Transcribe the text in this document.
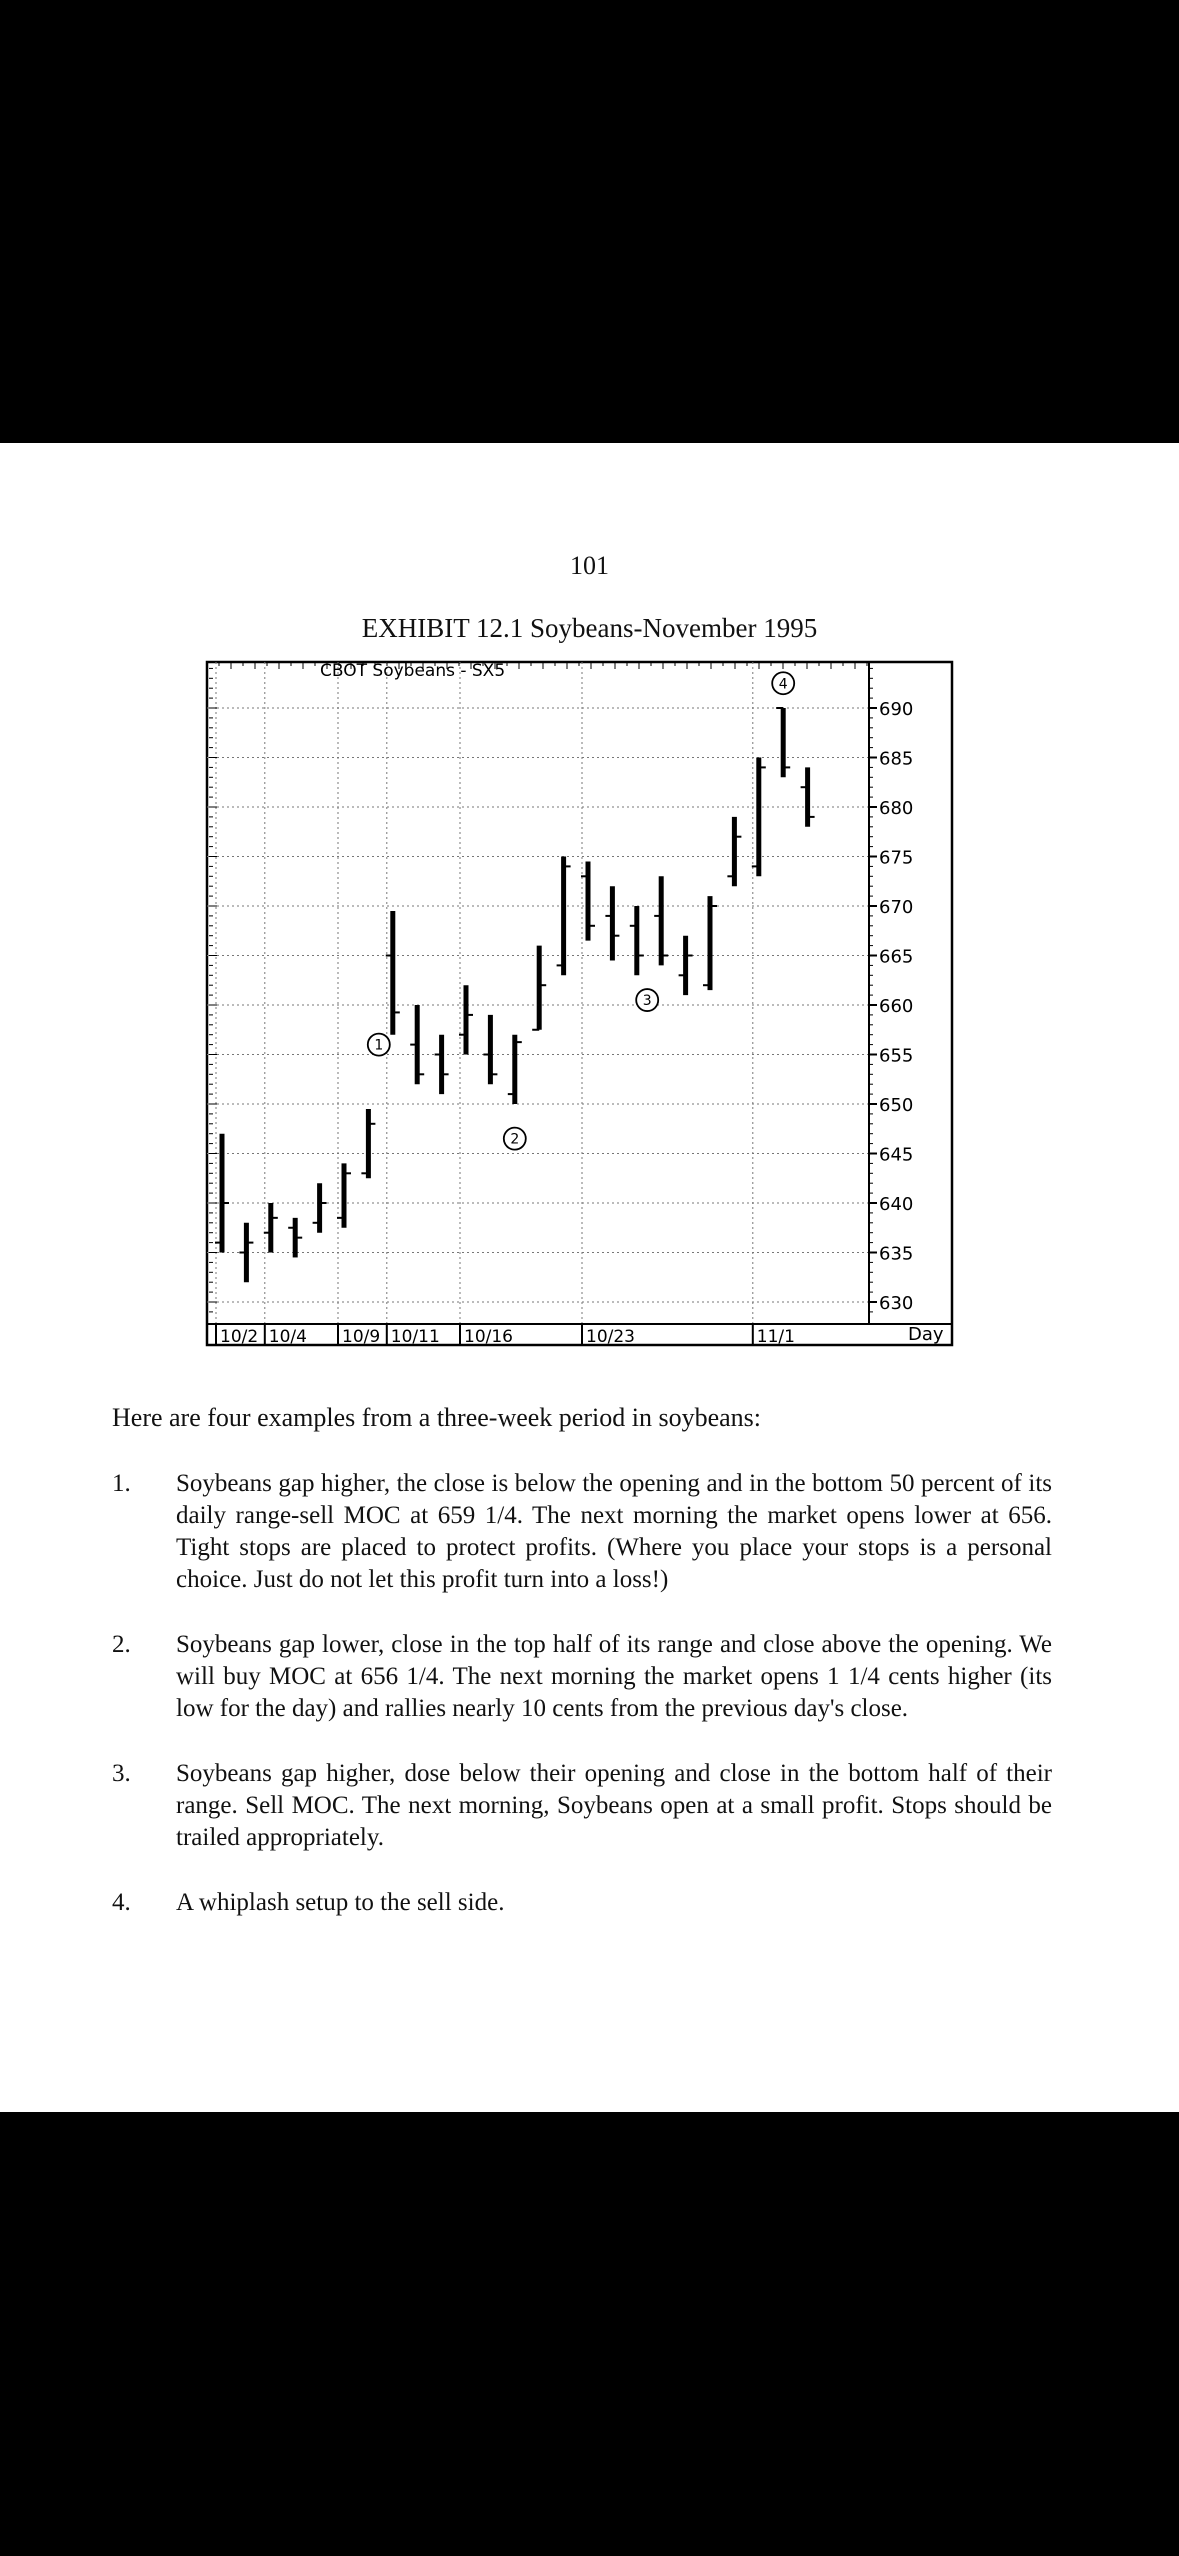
101
EXHIBIT 12.1 Soybeans-November 1995
630
635
640
645
650
655
660
665
670
675
680
685
690
10/2 10/4 10/9 10/11 10/16	10/23	11/1
1
2
3
4
CBOT Soybeans - SX5
Day
Here are four examples from a three-week period in soybeans:
1. Soybeans gap higher, the close is below the opening and in the bottom 50 percent of its daily range-sell MOC at 659 1/4. The next morning the market opens lower at 656. Tight stops are placed to protect profits. (Where you place your stops is a personal choice. Just do not let this profit turn into a loss!)
2. Soybeans gap lower, close in the top half of its range and close above the opening. We will buy MOC at 656 1/4. The next morning the market opens 1 1/4 cents higher (its low for the day) and rallies nearly 10 cents from the previous day's close.
3. Soybeans gap higher, dose below their opening and close in the bottom half of their range. Sell MOC. The next morning, Soybeans open at a small profit. Stops should be trailed appropriately.
4. A whiplash setup to the sell side.
